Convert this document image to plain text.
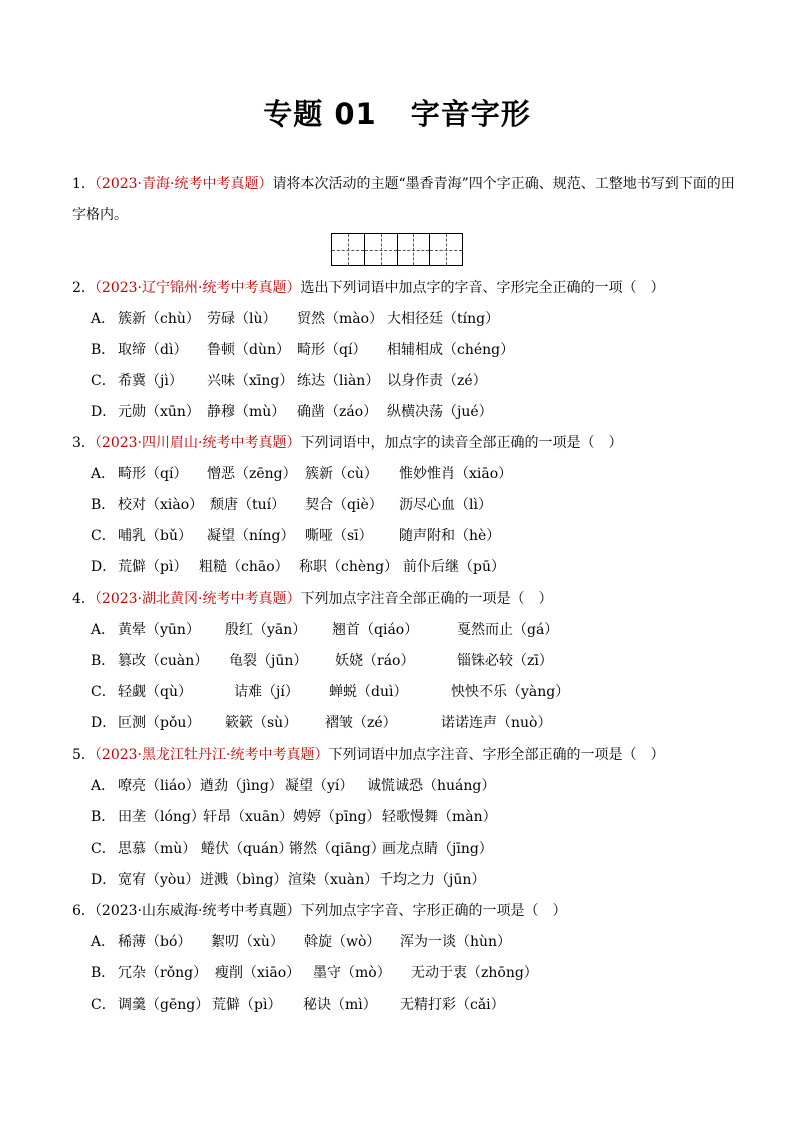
专题 01 字音字形
1．（2023·青海·统考中考真题）请将本次活动的主题“墨香青海”四个字正确、规范、工整地书写到下面的田
字格内。
2．（2023·辽宁锦州·统考中考真题）选出下列词语中加点字的字音、字形完全正确的一项（　）
A． 簇新（chù） 劳碌（lù） 贸然（mào） 大相径廷（tíng）
B． 取缔（dì） 鲁顿（dùn） 畸形（qí） 相辅相成（chéng）
C． 希冀（jì） 兴味（xīng） 练达（liàn） 以身作责（zé）
D． 元勋（xūn） 静穆（mù） 确凿（záo） 纵横决荡（jué）
3．（2023·四川眉山·统考中考真题）下列词语中，加点字的读音全部正确的一项是（　）
A． 畸形（qí） 憎恶（zēng） 簇新（cù） 惟妙惟肖（xiāo）
B． 校对（xiào） 颓唐（tuí） 契合（qiè） 沥尽心血（lì）
C． 哺乳（bǔ） 凝望（níng） 嘶哑（sī） 随声附和（hè）
D． 荒僻（pì） 粗糙（chāo） 称职（chèng） 前仆后继（pū）
4．（2023·湖北黄冈·统考中考真题）下列加点字注音全部正确的一项是（　）
A． 黄晕（yūn） 殷红（yān） 翘首（qiáo）	戛然而止（gá）
B． 篡改（cuàn） 龟裂（jūn） 妖娆（ráo）	锱铢必较（zī）
C． 轻觑（qù）	诘难（jí） 蝉蜕（duì）	怏怏不乐（yàng）
D． 叵测（pǒu） 簌簌（sù） 褶皱（zé）	诺诺连声（nuò）
5．（2023·黑龙江牡丹江·统考中考真题）下列词语中加点字注音、字形全部正确的一项是（　）
A． 嘹亮（liáo）遒劲（jìng） 凝望（yí） 诚慌诚恐（huáng）
B． 田垄（lóng）轩昂（xuān）娉婷（pīng） 轻歌慢舞（màn）
C． 思慕（mù） 蜷伏（quán）锵然（qiāng）画龙点睛（jīng）
D． 宽宥（yòu）迸溅（bìng）渲染（xuàn）千均之力（jūn）
6．（2023·山东威海·统考中考真题）下列加点字字音、字形正确的一项是（　）
A． 稀薄（bó） 絮叨（xù） 斡旋（wò） 浑为一谈（hùn）
B． 冗杂（rǒng） 瘦削（xiāo） 墨守（mò） 无动于衷（zhōng）
C． 调羹（gēng） 荒僻（pì） 秘诀（mì） 无精打彩（cǎi）
